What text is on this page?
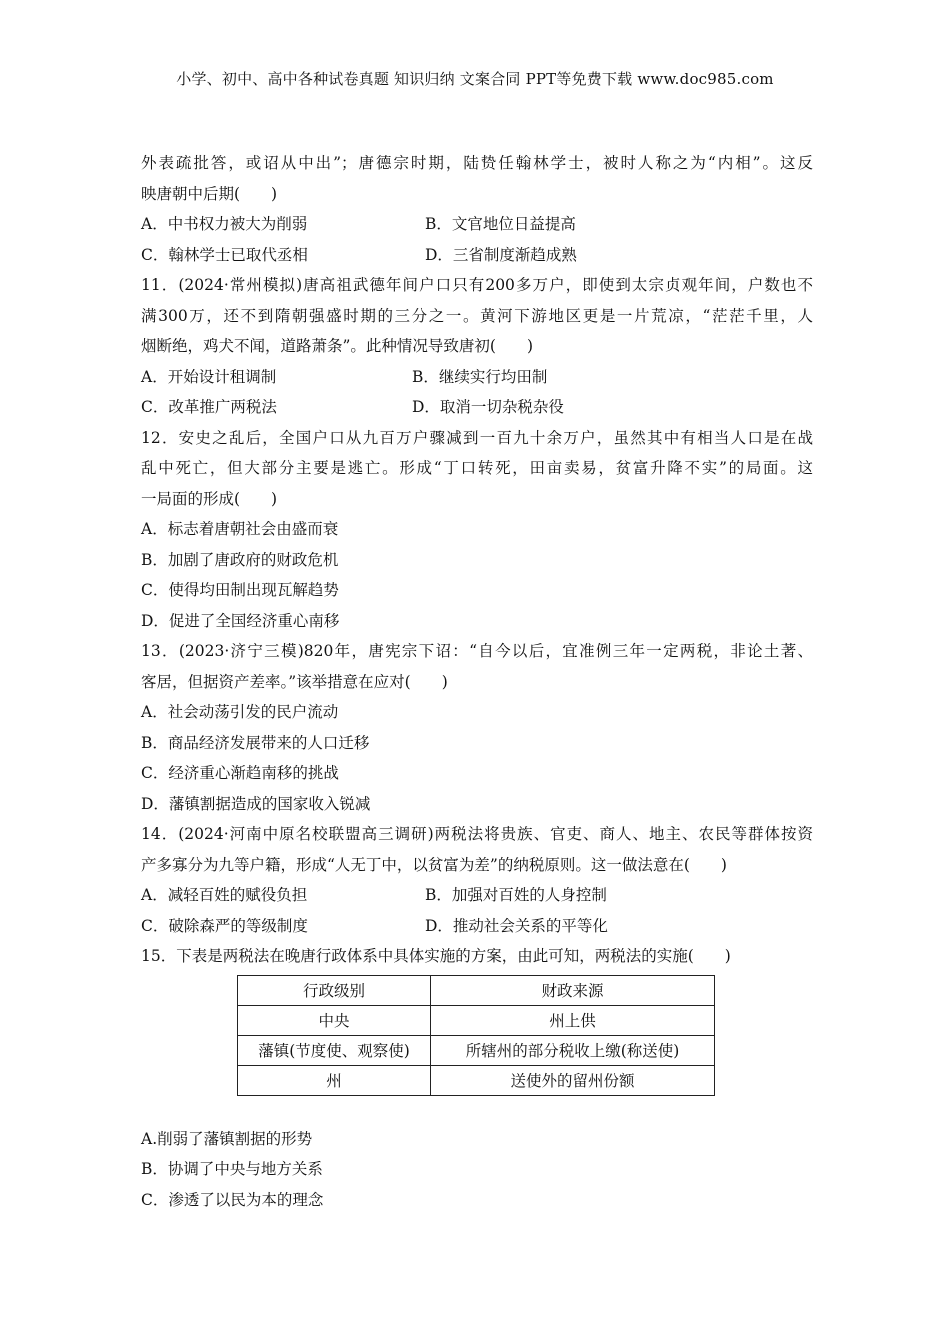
小学、初中、高中各种试卷真题 知识归纳 文案合同 PPT等免费下载 www.doc985.com
外表疏批答，或诏从中出”；唐德宗时期，陆贽任翰林学士，被时人称之为“内相”。这反
映唐朝中后期(　　)
A．中书权力被大为削弱	B．文官地位日益提高
C．翰林学士已取代丞相	D．三省制度渐趋成熟
11．(2024·常州模拟)唐高祖武德年间户口只有200多万户，即使到太宗贞观年间，户数也不
满300万，还不到隋朝强盛时期的三分之一。黄河下游地区更是一片荒凉，“茫茫千里，人
烟断绝，鸡犬不闻，道路萧条”。此种情况导致唐初(　　)
A．开始设计租调制	B．继续实行均田制
C．改革推广两税法	D．取消一切杂税杂役
12．安史之乱后，全国户口从九百万户骤减到一百九十余万户，虽然其中有相当人口是在战
乱中死亡，但大部分主要是逃亡。形成“丁口转死，田亩卖易，贫富升降不实”的局面。这
一局面的形成(　　)
A．标志着唐朝社会由盛而衰
B．加剧了唐政府的财政危机
C．使得均田制出现瓦解趋势
D．促进了全国经济重心南移
13．(2023·济宁三模)820年，唐宪宗下诏：“自今以后，宜准例三年一定两税，非论土著、
客居，但据资产差率。”该举措意在应对(　　)
A．社会动荡引发的民户流动
B．商品经济发展带来的人口迁移
C．经济重心渐趋南移的挑战
D．藩镇割据造成的国家收入锐减
14．(2024·河南中原名校联盟高三调研)两税法将贵族、官吏、商人、地主、农民等群体按资
产多寡分为九等户籍，形成“人无丁中，以贫富为差”的纳税原则。这一做法意在(　　)
A．减轻百姓的赋役负担	B．加强对百姓的人身控制
C．破除森严的等级制度	D．推动社会关系的平等化
15．下表是两税法在晚唐行政体系中具体实施的方案，由此可知，两税法的实施(　　)
行政级别	财政来源
中央	州上供
藩镇(节度使、观察使)	所辖州的部分税收上缴(称送使)
州	送使外的留州份额
A.削弱了藩镇割据的形势
B．协调了中央与地方关系
C．渗透了以民为本的理念
